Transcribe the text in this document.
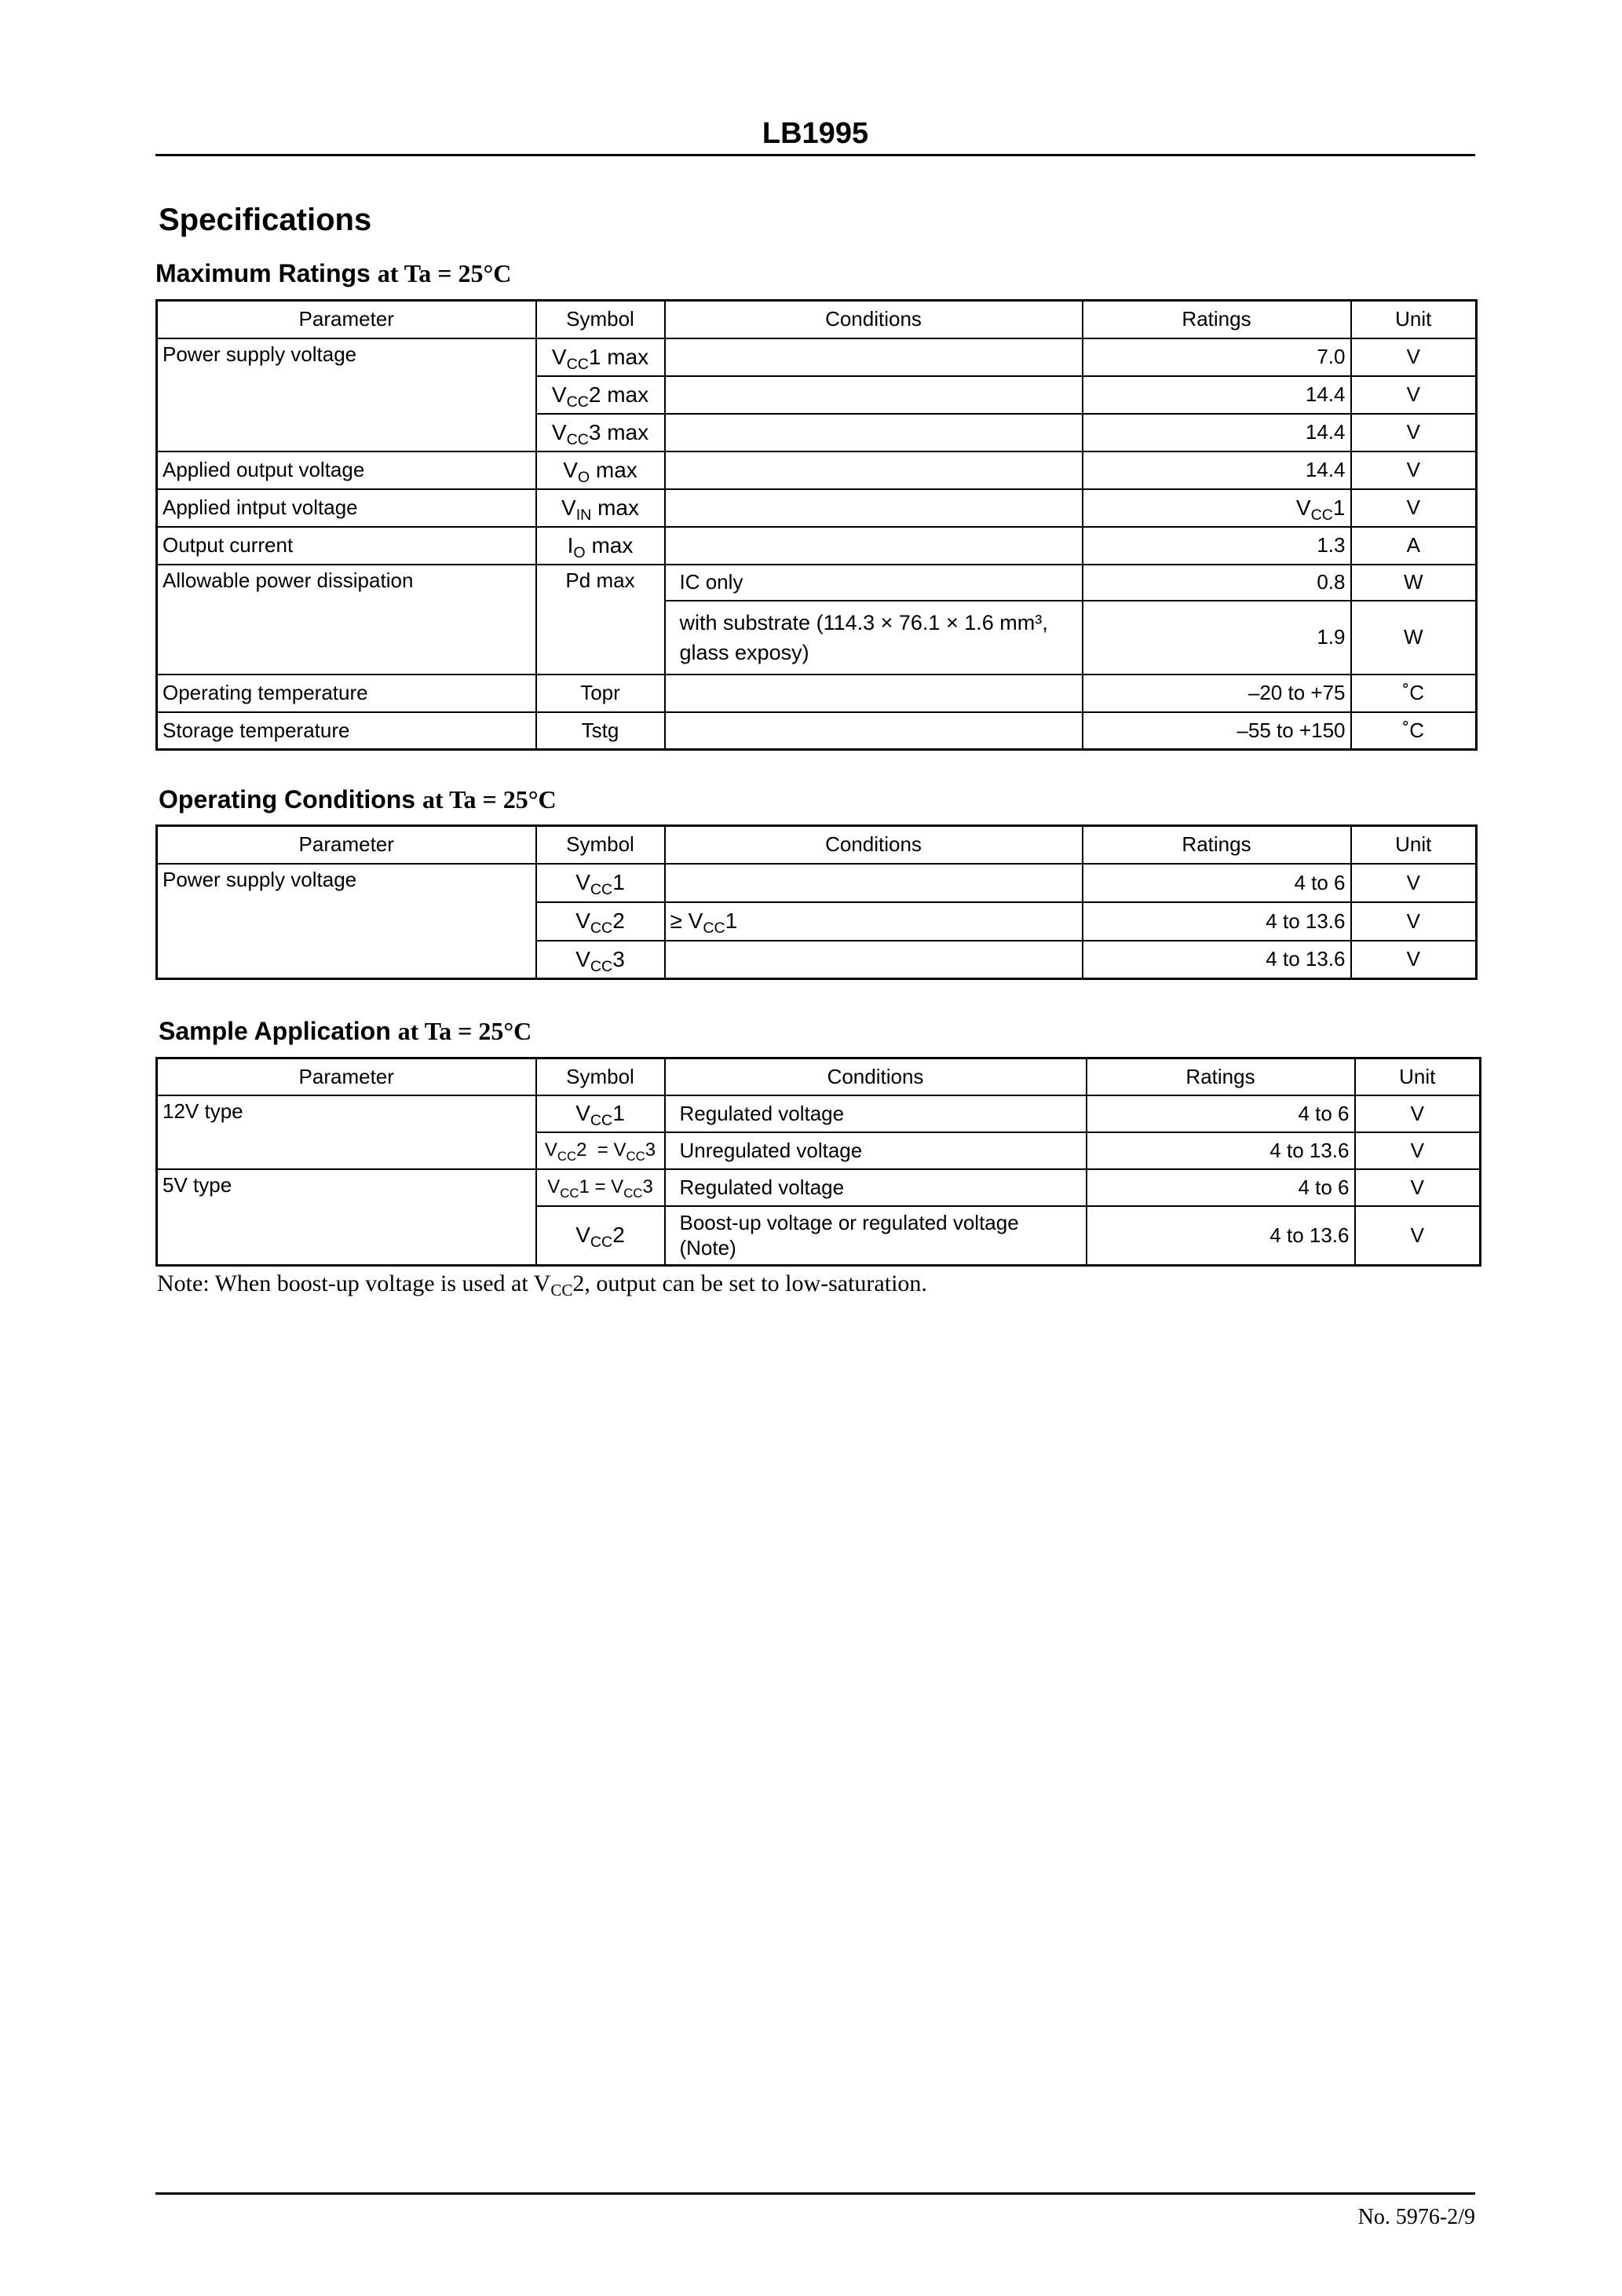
LB1995
Specifications
Maximum Ratings at Ta = 25°C
Parameter	Symbol	Conditions	Ratings	Unit
Power supply voltage	$V_{CC}1$ max		7.0	V
	$V_{CC}2$ max		14.4	V
	$V_{CC}3$ max		14.4	V
Applied output voltage	$V_O$ max		14.4	V
Applied intput voltage	$V_{IN}$ max		$V_{CC}1$	V
Output current	$I_O$ max		1.3	A
Allowable power dissipation	Pd max	IC only	0.8	W
		with substrate (114.3 × 76.1 × 1.6 mm³, glass exposy)	1.9	W
Operating temperature	Topr		–20 to +75	˚C
Storage temperature	Tstg		–55 to +150	˚C
Operating Conditions at Ta = 25°C
Parameter	Symbol	Conditions	Ratings	Unit
Power supply voltage	$V_{CC}1$		4 to 6	V
	$V_{CC}2$	≥ $V_{CC}1$	4 to 13.6	V
	$V_{CC}3$		4 to 13.6	V
Sample Application at Ta = 25°C
Parameter	Symbol	Conditions	Ratings	Unit
12V type	$V_{CC}1$	Regulated voltage	4 to 6	V
	$V_{CC}2 = V_{CC}3$	Unregulated voltage	4 to 13.6	V
5V type	$V_{CC}1 = V_{CC}3$	Regulated voltage	4 to 6	V
	$V_{CC}2$	Boost-up voltage or regulated voltage (Note)	4 to 13.6	V
Note: When boost-up voltage is used at $V_{CC}2$, output can be set to low-saturation.
No. 5976-2/9
